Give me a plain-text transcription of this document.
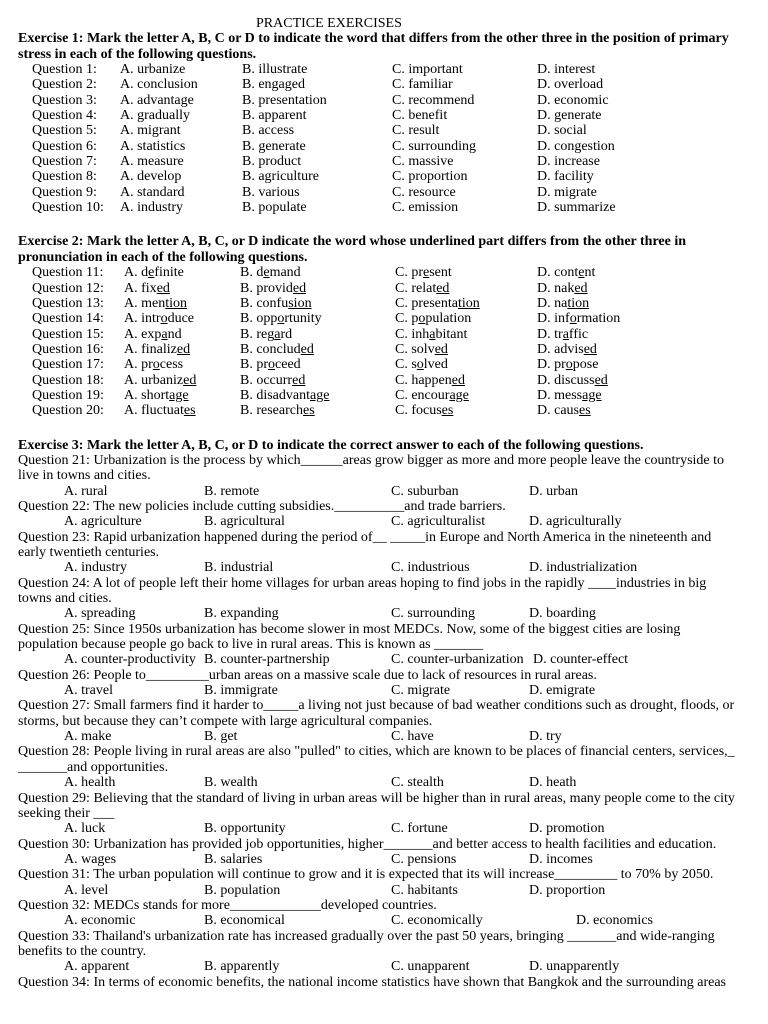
PRACTICE EXERCISES

Exercise 1: Mark the letter A, B, C or D to indicate the word that differs from the other three in the position of primary stress in each of the following questions.

Question 1: A. urbanize	B. illustrate	C. important	D. interest
Question 2: A. conclusion	B. engaged	C. familiar	D. overload
Question 3: A. advantage	B. presentation	C. recommend	D. economic
Question 4: A. gradually	B. apparent	C. benefit	D. generate
Question 5: A. migrant	B. access	C. result	D. social
Question 6: A. statistics	B. generate	C. surrounding	D. congestion
Question 7: A. measure	B. product	C. massive	D. increase
Question 8: A. develop	B. agriculture	C. proportion	D. facility
Question 9: A. standard	B. various	C. resource	D. migrate
Question 10: A. industry	B. populate	C. emission	D. summarize

Exercise 2: Mark the letter A, B, C, or D indicate the word whose underlined part differs from the other three in pronunciation in each of the following questions.

Question 11: A. definite	B. demand	C. present	D. content
Question 12: A. fixed	B. provided	C. related	D. naked
Question 13: A. mention	B. confusion	C. presentation	D. nation
Question 14: A. introduce	B. opportunity	C. population	D. information
Question 15: A. expand	B. regard	C. inhabitant	D. traffic
Question 16: A. finalized	B. concluded	C. solved	D. advised
Question 17: A. process	B. proceed	C. solved	D. propose
Question 18: A. urbanized	B. occurred	C. happened	D. discussed
Question 19: A. shortage	B. disadvantage	C. encourage	D. message
Question 20: A. fluctuates	B. researches	C. focuses	D. causes

Exercise 3: Mark the letter A, B, C, or D to indicate the correct answer to each of the following questions.

Question 21: Urbanization is the process by which______areas grow bigger as more and more people leave the countryside to live in towns and cities.

A. rural	B. remote	C. suburban	D. urban

Question 22: The new policies include cutting subsidies.__________and trade barriers.

A. agriculture	B. agricultural	C. agriculturalist	D. agriculturally

Question 23: Rapid urbanization happened during the period of__ _____in Europe and North America in the nineteenth and early twentieth centuries.

A. industry	B. industrial	C. industrious	D. industrialization

Question 24: A lot of people left their home villages for urban areas hoping to find jobs in the rapidly ____industries in big towns and cities.

A. spreading	B. expanding	C. surrounding	D. boarding

Question 25: Since 1950s urbanization has become slower in most MEDCs. Now, some of the biggest cities are losing population because people go back to live in rural areas. This is known as _______

A. counter-productivity B. counter-partnership	C. counter-urbanization D. counter-effect

Question 26: People to_________urban areas on a massive scale due to lack of resources in rural areas.

A. travel	B. immigrate	C. migrate	D. emigrate

Question 27: Small farmers find it harder to_____a living not just because of bad weather conditions such as drought, floods, or storms, but because they can’t compete with large agricultural companies.

A. make	B. get	C. have	D. try

Question 28: People living in rural areas are also "pulled" to cities, which are known to be places of financial centers, services,_ _______and opportunities.

A. health	B. wealth	C. stealth	D. heath

Question 29: Believing that the standard of living in urban areas will be higher than in rural areas, many people come to the city seeking their ___

A. luck	B. opportunity	C. fortune	D. promotion

Question 30: Urbanization has provided job opportunities, higher_______and better access to health facilities and education.

A. wages	B. salaries	C. pensions	D. incomes

Question 31: The urban population will continue to grow and it is expected that its will increase_________ to 70% by 2050.

A. level	B. population	C. habitants	D. proportion

Question 32: MEDCs stands for more_____________developed countries.

A. economic	B. economical	C. economically	D. economics

Question 33: Thailand's urbanization rate has increased gradually over the past 50 years, bringing _______and wide-ranging benefits to the country.

A. apparent	B. apparently	C. unapparent	D. unapparently

Question 34: In terms of economic benefits, the national income statistics have shown that Bangkok and the surrounding areas
